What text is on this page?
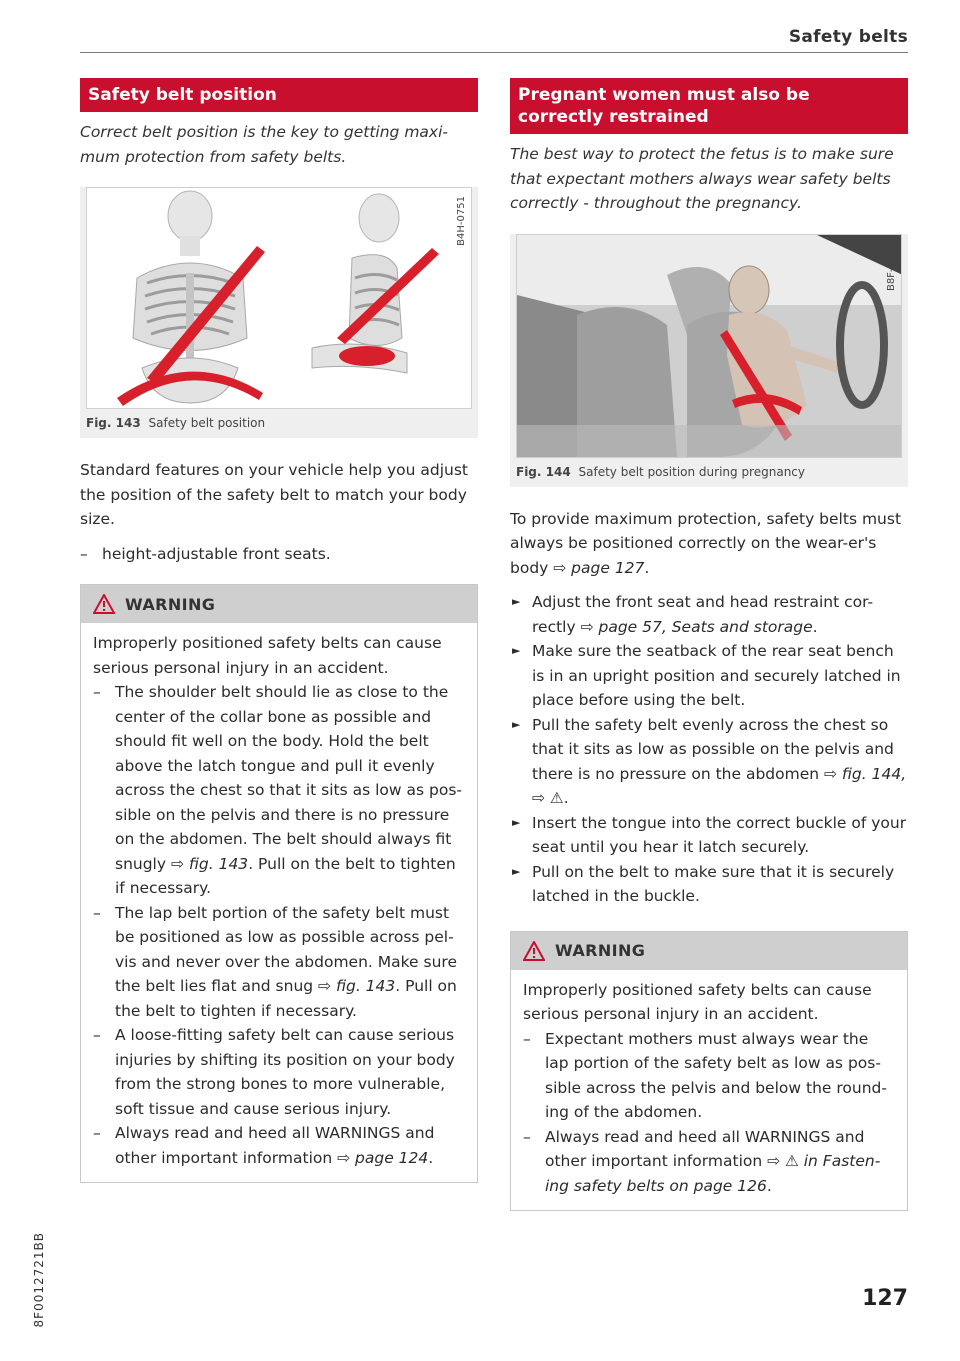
Safety belts
Safety belt position

Correct belt position is the key to getting maxi-mum protection from safety belts.

B4H-0751
Fig. 143 Safety belt position

Standard features on your vehicle help you adjust the position of the safety belt to match your body size.

– height-adjustable front seats.
WARNING

Improperly positioned safety belts can cause serious personal injury in an accident.

– The shoulder belt should lie as close to the center of the collar bone as possible and should fit well on the body. Hold the belt above the latch tongue and pull it evenly across the chest so that it sits as low as pos-sible on the pelvis and there is no pressure on the abdomen. The belt should always fit snugly ⇨ fig. 143. Pull on the belt to tighten if necessary.
– The lap belt portion of the safety belt must be positioned as low as possible across pel-vis and never over the abdomen. Make sure the belt lies flat and snug ⇨ fig. 143. Pull on the belt to tighten if necessary.
– A loose-fitting safety belt can cause serious injuries by shifting its position on your body from the strong bones to more vulnerable, soft tissue and cause serious injury.
– Always read and heed all WARNINGS and other important information ⇨ page 124.
Pregnant women must also be correctly restrained

The best way to protect the fetus is to make sure that expectant mothers always wear safety belts correctly - throughout the pregnancy.

B8F-0263
Fig. 144 Safety belt position during pregnancy

To provide maximum protection, safety belts must always be positioned correctly on the wear-er's body ⇨ page 127.

► Adjust the front seat and head restraint cor-rectly ⇨ page 57, Seats and storage.
► Make sure the seatback of the rear seat bench is in an upright position and securely latched in place before using the belt.
► Pull the safety belt evenly across the chest so that it sits as low as possible on the pelvis and there is no pressure on the abdomen ⇨ fig. 144, ⇨ ⚠.
► Insert the tongue into the correct buckle of your seat until you hear it latch securely.
► Pull on the belt to make sure that it is securely latched in the buckle.
WARNING

Improperly positioned safety belts can cause serious personal injury in an accident.

– Expectant mothers must always wear the lap portion of the safety belt as low as pos-sible across the pelvis and below the round-ing of the abdomen.
– Always read and heed all WARNINGS and other important information ⇨ ⚠ in Fasten-ing safety belts on page 126.
8F0012721BB	127
